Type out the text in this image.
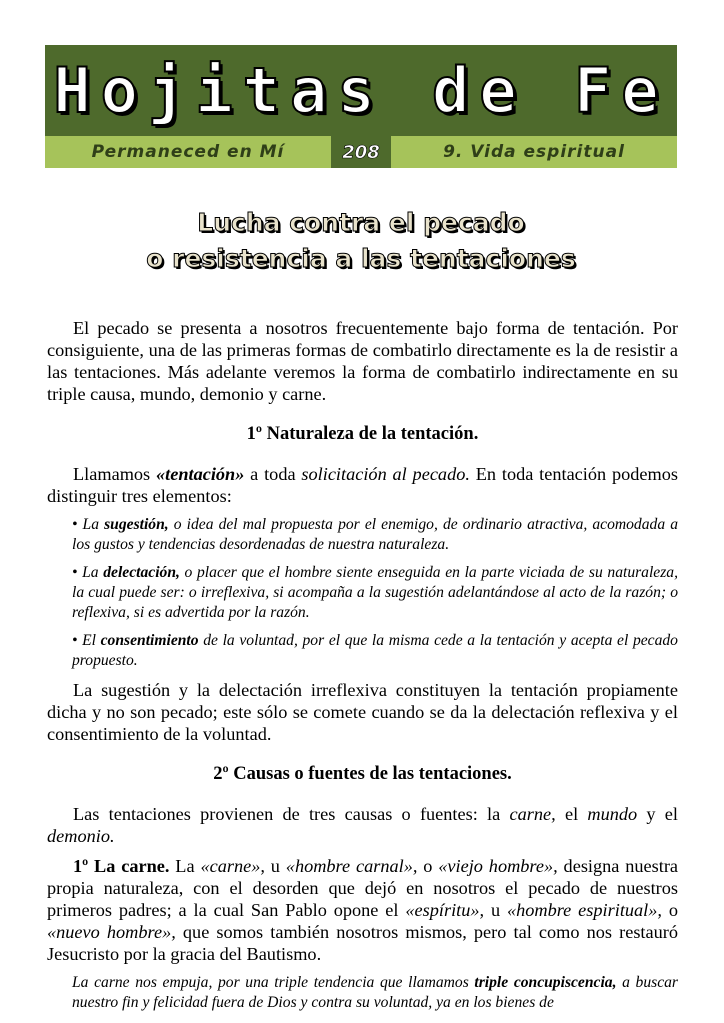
Hojitas de Fe
Permaneced en Mí	208	9. Vida espiritual
Lucha contra el pecado
o resistencia a las tentaciones

El pecado se presenta a nosotros frecuentemente bajo forma de tentación. Por consiguiente, una de las primeras formas de combatirlo directamente es la de resistir a las tentaciones. Más adelante veremos la forma de combatirlo indirectamente en su triple causa, mundo, demonio y carne.

1º Naturaleza de la tentación.

Llamamos «tentación» a toda solicitación al pecado. En toda tentación podemos distinguir tres elementos:

• La sugestión, o idea del mal propuesta por el enemigo, de ordinario atractiva, acomodada a los gustos y tendencias desordenadas de nuestra naturaleza.

• La delectación, o placer que el hombre siente enseguida en la parte viciada de su naturaleza, la cual puede ser: o irreflexiva, si acompaña a la sugestión adelantándose al acto de la razón; o reflexiva, si es advertida por la razón.

• El consentimiento de la voluntad, por el que la misma cede a la tentación y acepta el pecado propuesto.

La sugestión y la delectación irreflexiva constituyen la tentación propiamente dicha y no son pecado; este sólo se comete cuando se da la delectación reflexiva y el consentimiento de la voluntad.

2º Causas o fuentes de las tentaciones.

Las tentaciones provienen de tres causas o fuentes: la carne, el mundo y el demonio.

1º La carne. La «carne», u «hombre carnal», o «viejo hombre», designa nuestra propia naturaleza, con el desorden que dejó en nosotros el pecado de nuestros primeros padres; a la cual San Pablo opone el «espíritu», u «hombre espiritual», o «nuevo hombre», que somos también nosotros mismos, pero tal como nos restauró Jesucristo por la gracia del Bautismo.

La carne nos empuja, por una triple tendencia que llamamos triple concupiscencia, a buscar nuestro fin y felicidad fuera de Dios y contra su voluntad, ya en los bienes de
